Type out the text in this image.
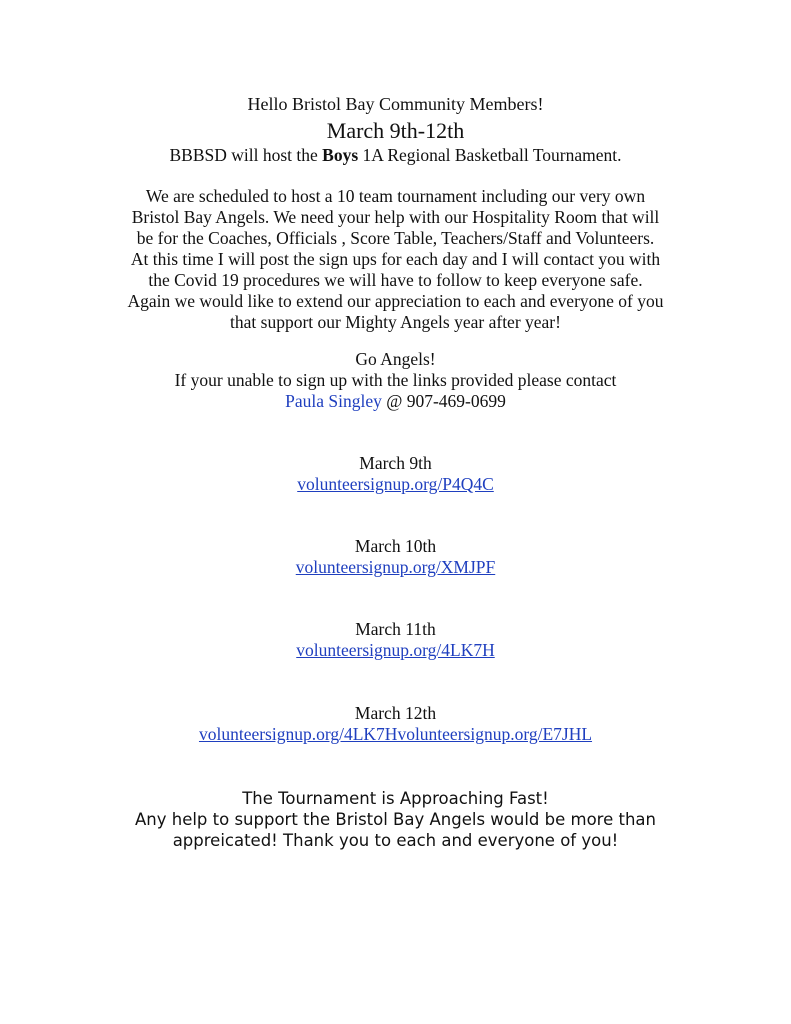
Hello Bristol Bay Community Members!
March 9th-12th
BBBSD will host the Boys 1A Regional Basketball Tournament.
We are scheduled to host a 10 team tournament including our very own
Bristol Bay Angels. We need your help with our Hospitality Room that will
be for the Coaches, Officials , Score Table, Teachers/Staff and Volunteers.
At this time I will post the sign ups for each day and I will contact you with
the Covid 19 procedures we will have to follow to keep everyone safe.
Again we would like to extend our appreciation to each and everyone of you
that support our Mighty Angels year after year!
Go Angels!
If your unable to sign up with the links provided please contact
Paula Singley @ 907-469-0699
March 9th
volunteersignup.org/P4Q4C
March 10th
volunteersignup.org/XMJPF
March 11th
volunteersignup.org/4LK7H
March 12th
volunteersignup.org/4LK7Hvolunteersignup.org/E7JHL
The Tournament is Approaching Fast!
Any help to support the Bristol Bay Angels would be more than
appreicated! Thank you to each and everyone of you!
